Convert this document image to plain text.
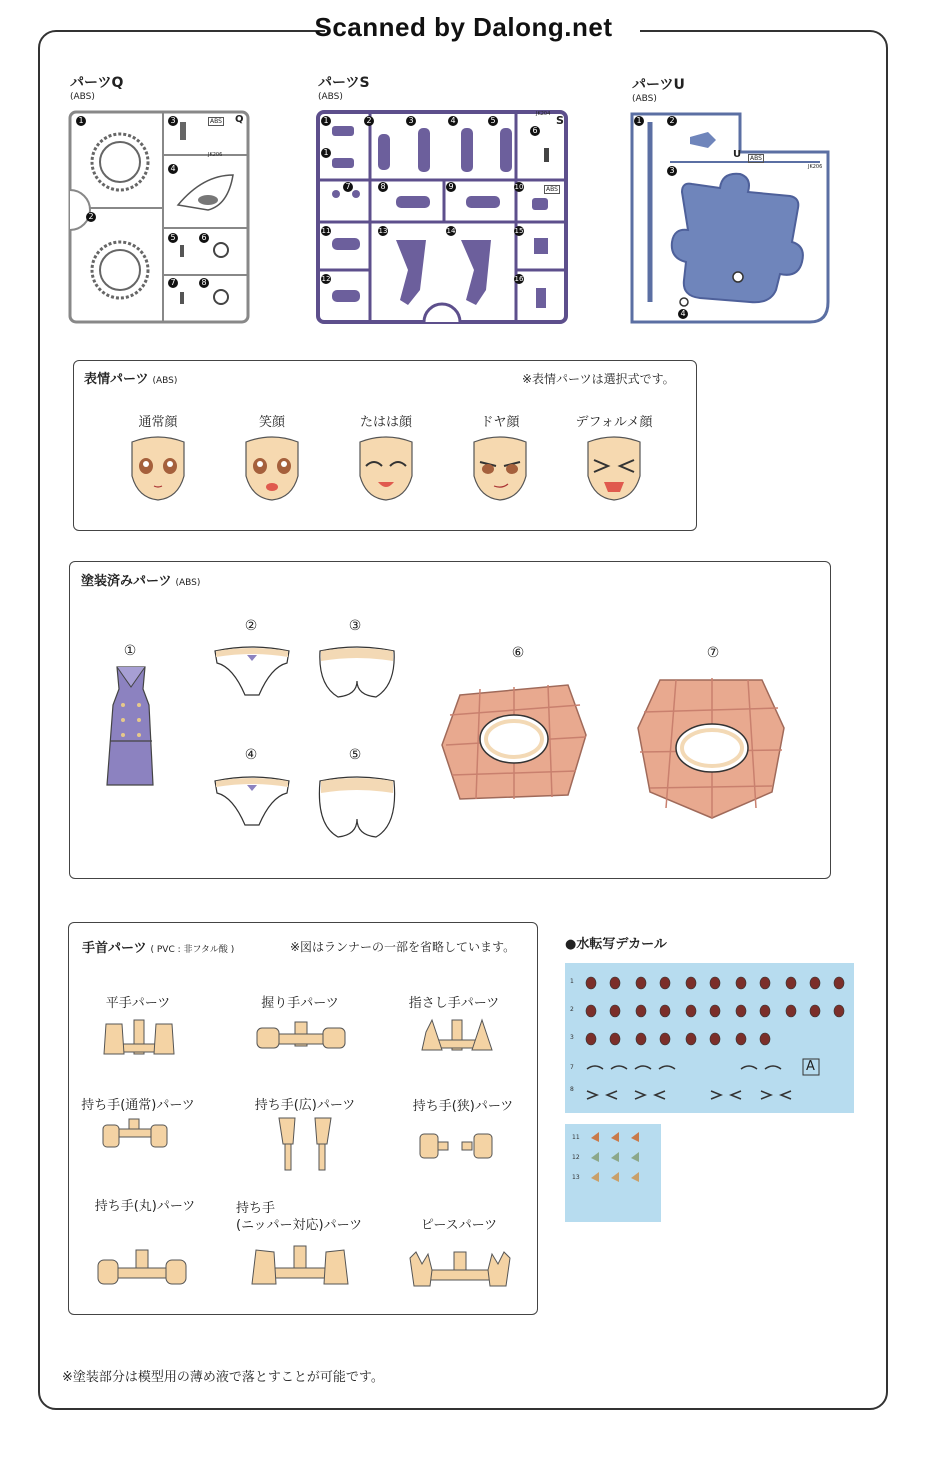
Scanned by Dalong.net
パーツQ
(ABS)
パーツS
(ABS)
パーツU
(ABS)
1
2
3
4
5	6
7	8
ABS Q
JK206
1
1
2	3	4	5
6
7	8	9	10
11
12
13	14	15
16
S
JK204
ABS
1	2
3
4
U	ABS
JK206
表情パーツ (ABS)	※表情パーツは選択式です。
通常顔	笑顔	たはは顔	ドヤ顔	デフォルメ顔
塗装済みパーツ (ABS)
①
②	③
④	⑤
⑥	⑦
手首パーツ ( PVC : 非フタル酸 )	※図はランナーの一部を省略しています。
平手パーツ	握り手パーツ	指さし手パーツ
持ち手(通常)パーツ	持ち手(広)パーツ	持ち手(狭)パーツ
持ち手(丸)パーツ	持ち手
(ニッパー対応)パーツ	ピースパーツ
●水転写デカール
A
1
2
3
7
8
11
12
13
※塗装部分は模型用の薄め液で落とすことが可能です。
